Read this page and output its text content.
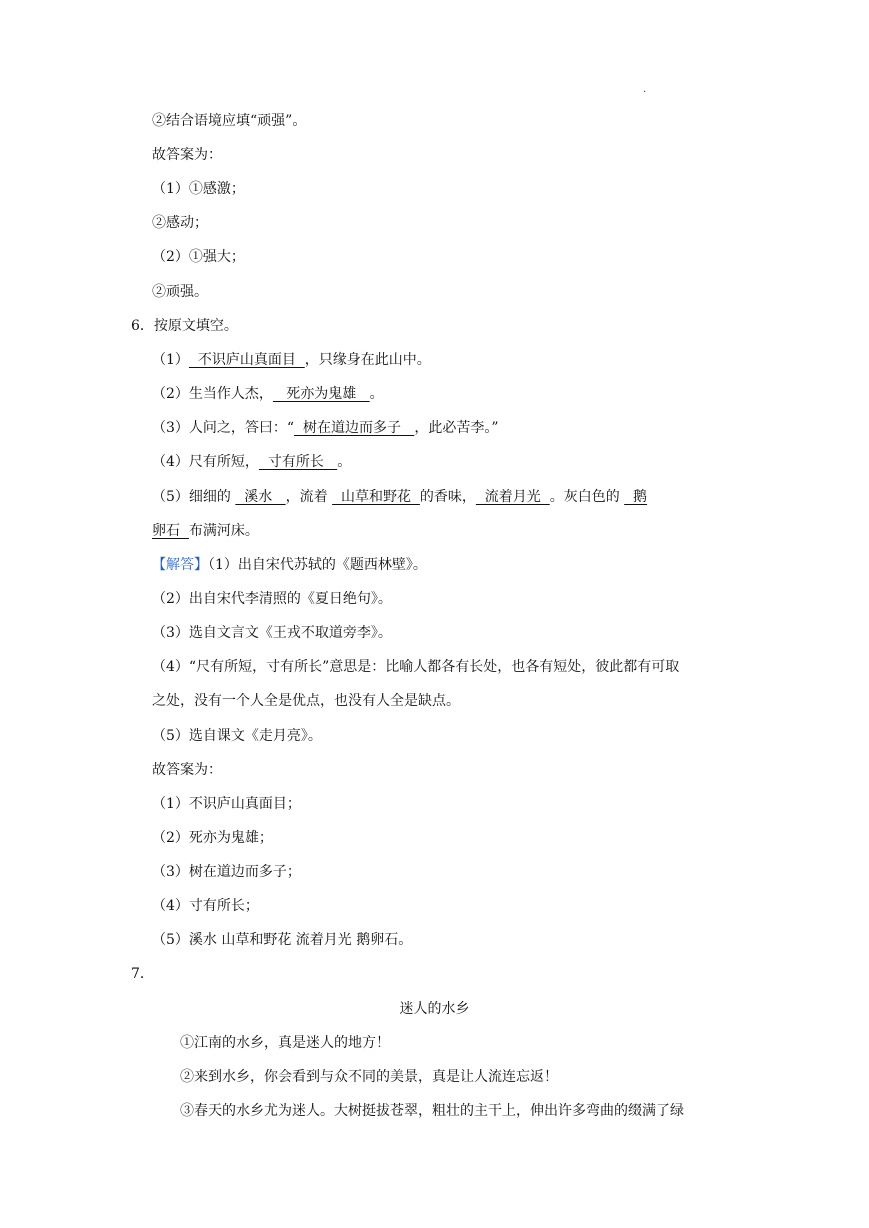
.
②结合语境应填“顽强”。
故答案为：
（1）①感激；
②感动；
（2）①强大；
②顽强。
6．按原文填空。
（1）  不识庐山真面目  ，只缘身在此山中。
（2）生当作人杰，   死亦为鬼雄   。
（3）人问之，答曰：“  树在道边而多子   ，此必苦李。”
（4）尺有所短，  寸有所长   。
（5）细细的   溪水   ，流着   山草和野花  的香味，  流着月光  。灰白色的   鹅
卵石  布满河床。
【解答】（1）出自宋代苏轼的《题西林壁》。
（2）出自宋代李清照的《夏日绝句》。
（3）选自文言文《王戎不取道旁李》。
（4）“尺有所短，寸有所长”意思是：比喻人都各有长处，也各有短处，彼此都有可取
之处，没有一个人全是优点，也没有人全是缺点。
（5）选自课文《走月亮》。
故答案为：
（1）不识庐山真面目；
（2）死亦为鬼雄；
（3）树在道边而多子；
（4）寸有所长；
（5）溪水 山草和野花 流着月光 鹅卵石。
7．
迷人的水乡
①江南的水乡，真是迷人的地方！
②来到水乡，你会看到与众不同的美景，真是让人流连忘返！
③春天的水乡尤为迷人。大树挺拔苍翠，粗壮的主干上，伸出许多弯曲的缀满了绿
